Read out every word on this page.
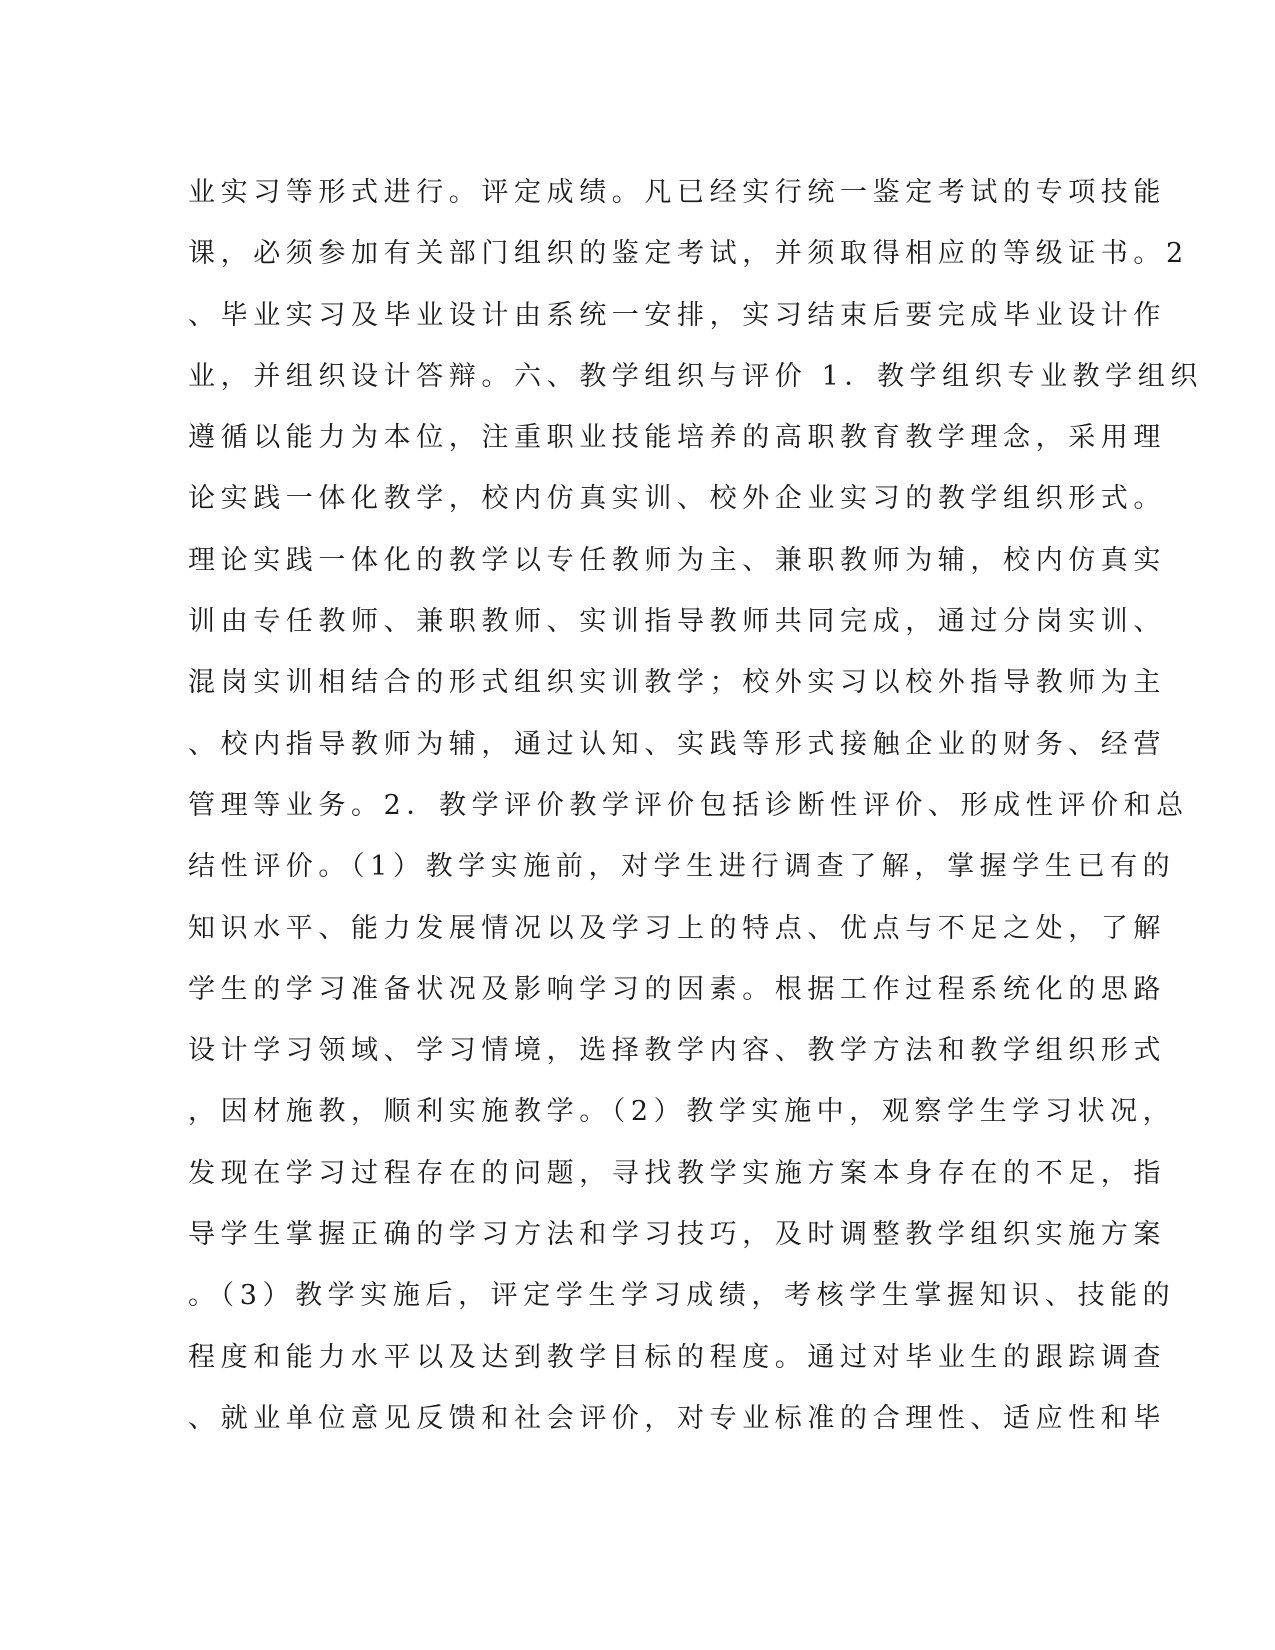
业实习等形式进行。评定成绩。凡已经实行统一鉴定考试的专项技能
课，必须参加有关部门组织的鉴定考试，并须取得相应的等级证书。2
、毕业实习及毕业设计由系统一安排，实习结束后要完成毕业设计作
业，并组织设计答辩。六、教学组织与评价 1．教学组织专业教学组织
遵循以能力为本位，注重职业技能培养的高职教育教学理念，采用理
论实践一体化教学，校内仿真实训、校外企业实习的教学组织形式。
理论实践一体化的教学以专任教师为主、兼职教师为辅，校内仿真实
训由专任教师、兼职教师、实训指导教师共同完成，通过分岗实训、
混岗实训相结合的形式组织实训教学；校外实习以校外指导教师为主
、校内指导教师为辅，通过认知、实践等形式接触企业的财务、经营
管理等业务。2．教学评价教学评价包括诊断性评价、形成性评价和总
结性评价。（1）教学实施前，对学生进行调查了解，掌握学生已有的
知识水平、能力发展情况以及学习上的特点、优点与不足之处，了解
学生的学习准备状况及影响学习的因素。根据工作过程系统化的思路
设计学习领域、学习情境，选择教学内容、教学方法和教学组织形式
，因材施教，顺利实施教学。（2）教学实施中，观察学生学习状况，
发现在学习过程存在的问题，寻找教学实施方案本身存在的不足，指
导学生掌握正确的学习方法和学习技巧，及时调整教学组织实施方案
。（3）教学实施后，评定学生学习成绩，考核学生掌握知识、技能的
程度和能力水平以及达到教学目标的程度。通过对毕业生的跟踪调查
、就业单位意见反馈和社会评价，对专业标准的合理性、适应性和毕
